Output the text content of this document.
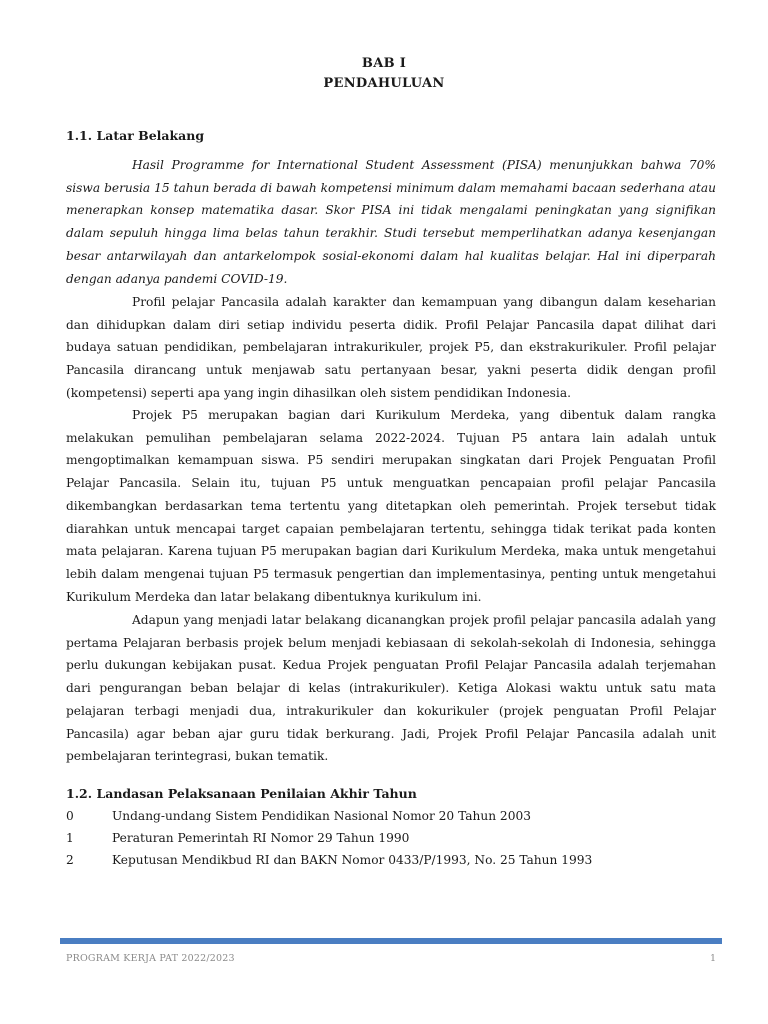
BAB I
PENDAHULUAN
1.1. Latar Belakang

Hasil Programme for International Student Assessment (PISA) menunjukkan bahwa 70% siswa berusia 15 tahun berada di bawah kompetensi minimum dalam memahami bacaan sederhana atau menerapkan konsep matematika dasar. Skor PISA ini tidak mengalami peningkatan yang signifikan dalam sepuluh hingga lima belas tahun terakhir. Studi tersebut memperlihatkan adanya kesenjangan besar antarwilayah dan antarkelompok sosial-ekonomi dalam hal kualitas belajar. Hal ini diperparah dengan adanya pandemi COVID-19.

Profil pelajar Pancasila adalah karakter dan kemampuan yang dibangun dalam keseharian dan dihidupkan dalam diri setiap individu peserta didik. Profil Pelajar Pancasila dapat dilihat dari budaya satuan pendidikan, pembelajaran intrakurikuler, projek P5, dan ekstrakurikuler. Profil pelajar Pancasila dirancang untuk menjawab satu pertanyaan besar, yakni peserta didik dengan profil (kompetensi) seperti apa yang ingin dihasilkan oleh sistem pendidikan Indonesia.

Projek P5 merupakan bagian dari Kurikulum Merdeka, yang dibentuk dalam rangka melakukan pemulihan pembelajaran selama 2022-2024. Tujuan P5 antara lain adalah untuk mengoptimalkan kemampuan siswa. P5 sendiri merupakan singkatan dari Projek Penguatan Profil Pelajar Pancasila. Selain itu, tujuan P5 untuk menguatkan pencapaian profil pelajar Pancasila dikembangkan berdasarkan tema tertentu yang ditetapkan oleh pemerintah. Projek tersebut tidak diarahkan untuk mencapai target capaian pembelajaran tertentu, sehingga tidak terikat pada konten mata pelajaran. Karena tujuan P5 merupakan bagian dari Kurikulum Merdeka, maka untuk mengetahui lebih dalam mengenai tujuan P5 termasuk pengertian dan implementasinya, penting untuk mengetahui Kurikulum Merdeka dan latar belakang dibentuknya kurikulum ini.

Adapun yang menjadi latar belakang dicanangkan projek profil pelajar pancasila adalah yang pertama Pelajaran berbasis projek belum menjadi kebiasaan di sekolah-sekolah di Indonesia, sehingga perlu dukungan kebijakan pusat. Kedua Projek penguatan Profil Pelajar Pancasila adalah terjemahan dari pengurangan beban belajar di kelas (intrakurikuler). Ketiga Alokasi waktu untuk satu mata pelajaran terbagi menjadi dua, intrakurikuler dan kokurikuler (projek penguatan Profil Pelajar Pancasila) agar beban ajar guru tidak berkurang. Jadi, Projek Profil Pelajar Pancasila adalah unit pembelajaran terintegrasi, bukan tematik.

1.2. Landasan Pelaksanaan Penilaian Akhir Tahun
0	Undang-undang Sistem Pendidikan Nasional Nomor 20 Tahun 2003
1	Peraturan Pemerintah RI Nomor 29 Tahun 1990
2	Keputusan Mendikbud RI dan BAKN Nomor 0433/P/1993, No. 25 Tahun 1993
PROGRAM KERJA PAT 2022/2023	1
